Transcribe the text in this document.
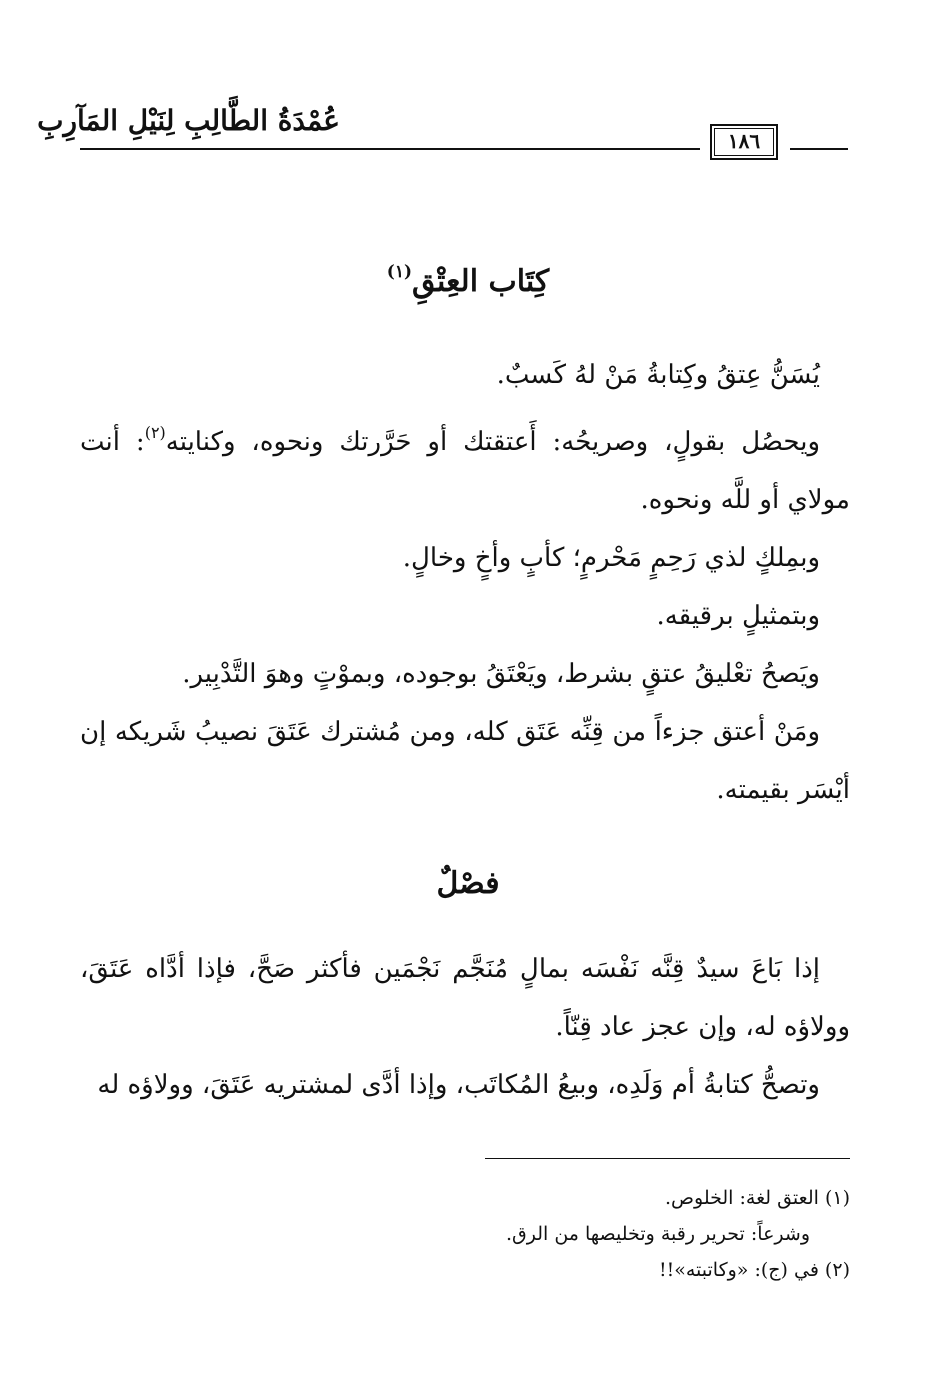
عُمْدَةُ الطَّالِبِ لِنَيْلِ المَآرِبِ
١٨٦
كِتَاب العِتْقِ$^{(١)}$

يُسَنُّ عِتقُ وكِتابةُ مَنْ لهُ كَسبٌ.

ويحصُل بقولٍ، وصريحُه: أَعتقتك أو حَرَّرتك ونحوه، وكنايته$^{(٢)}$: أنت مولاي أو للَّه ونحوه.

وبمِلكٍ لذي رَحِمٍ مَحْرمٍ؛ كأبٍ وأخٍ وخالٍ.

وبتمثيلٍ برقيقه.

ويَصحُ تعْليقُ عتقٍ بشرط، ويَعْتَقُ بوجوده، وبموْتٍ وهوَ التَّدْبِير.

ومَنْ أعتق جزءاً من قِنِّه عَتَق كله، ومن مُشترك عَتَقَ نصيبُ شَريكه إن أيْسَر بقيمته.

فصْلٌ

إذا بَاعَ سيدٌ قِنَّه نَفْسَه بمالٍ مُنَجَّم نَجْمَين فأكثر صَحَّ، فإذا أدَّاه عَتَقَ، وولاؤه له، وإن عجز عاد قِنّاً.

وتصحُّ كتابةُ أم وَلَدِه، وبيعُ المُكاتَب، وإذا أدَّى لمشتريه عَتَقَ، وولاؤه له

(١) العتق لغة: الخلوص.

وشرعاً: تحرير رقبة وتخليصها من الرق.

(٢) في (ج): «وكاتبته»!!
